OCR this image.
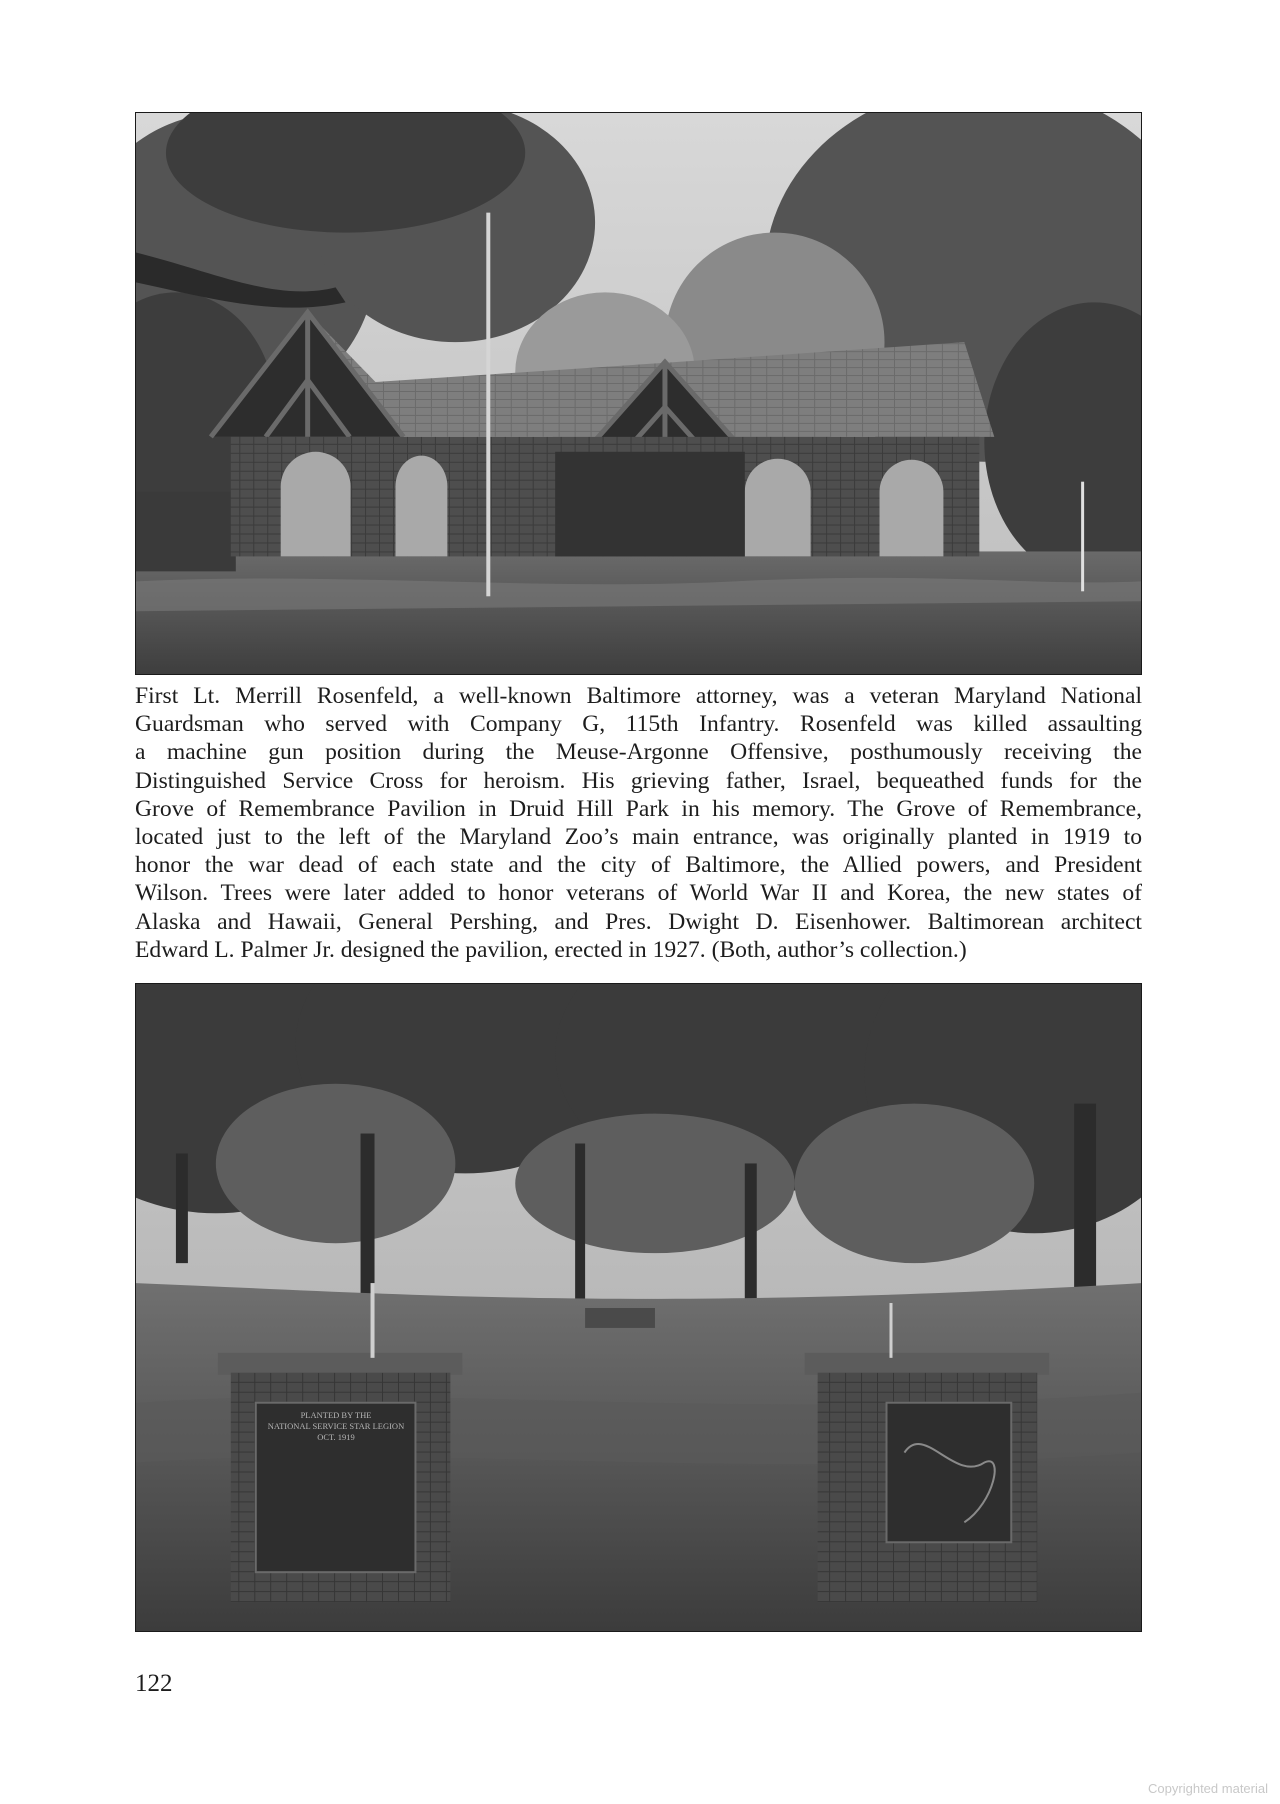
First Lt. Merrill Rosenfeld, a well-known Baltimore attorney, was a veteran Maryland National
Guardsman who served with Company G, 115th Infantry. Rosenfeld was killed assaulting
a machine gun position during the Meuse-Argonne Offensive, posthumously receiving the
Distinguished Service Cross for heroism. His grieving father, Israel, bequeathed funds for the
Grove of Remembrance Pavilion in Druid Hill Park in his memory. The Grove of Remembrance,
located just to the left of the Maryland Zoo’s main entrance, was originally planted in 1919 to
honor the war dead of each state and the city of Baltimore, the Allied powers, and President
Wilson. Trees were later added to honor veterans of World War II and Korea, the new states of
Alaska and Hawaii, General Pershing, and Pres. Dwight D. Eisenhower. Baltimorean architect
Edward L. Palmer Jr. designed the pavilion, erected in 1927. (Both, author’s collection.)

PLANTED BY THE
NATIONAL SERVICE STAR LEGION
OCT. 1919
122
Copyrighted material
